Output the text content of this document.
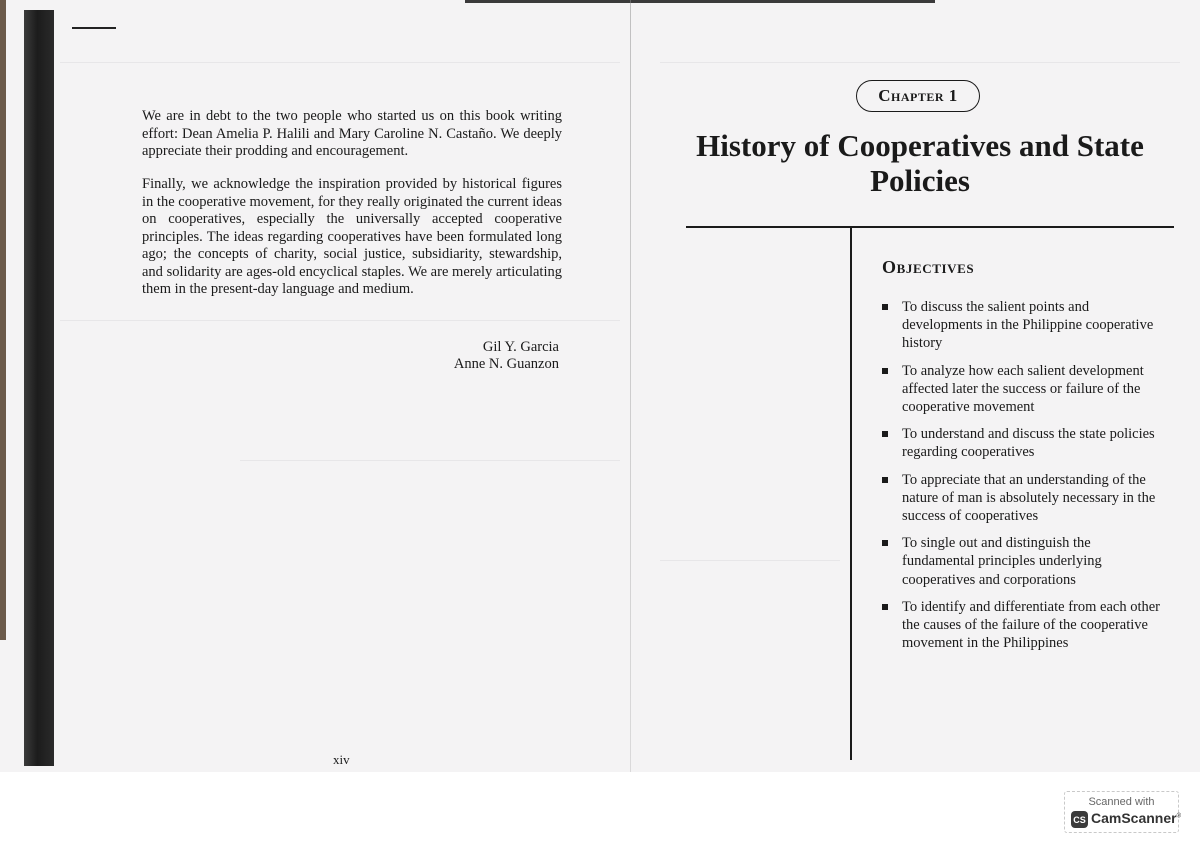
We are in debt to the two people who started us on this book writing effort: Dean Amelia P. Halili and Mary Caroline N. Castaño. We deeply appreciate their prodding and encouragement.

Finally, we acknowledge the inspiration provided by historical figures in the cooperative movement, for they really originated the current ideas on cooperatives, especially the universally accepted cooperative principles. The ideas regarding cooperatives have been formulated long ago; the concepts of charity, social justice, subsidiarity, stewardship, and solidarity are ages-old encyclical staples. We are merely articulating them in the present-day language and medium.

Gil Y. Garcia
Anne N. Guanzon
xiv
Chapter 1
History of Cooperatives and State Policies
Objectives
To discuss the salient points and developments in the Philippine cooperative history
To analyze how each salient development affected later the success or failure of the cooperative movement
To understand and discuss the state policies regarding cooperatives
To appreciate that an understanding of the nature of man is absolutely necessary in the success of cooperatives
To single out and distinguish the fundamental principles underlying cooperatives and corporations
To identify and differentiate from each other the causes of the failure of the cooperative movement in the Philippines
Scanned with
CS CamScanner®
